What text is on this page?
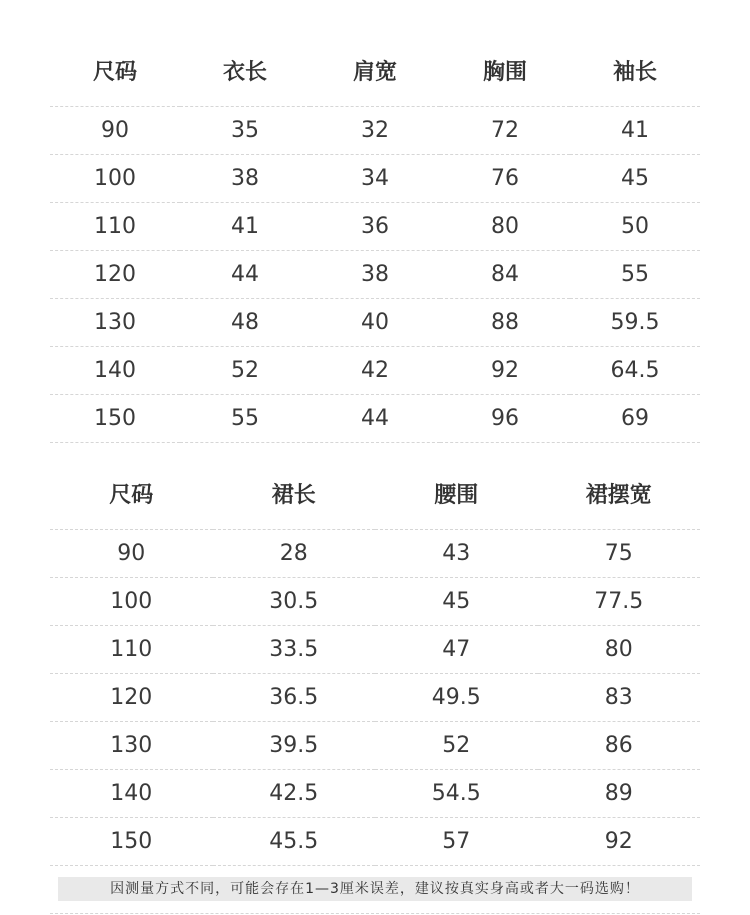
尺码	衣长	肩宽	胸围	袖长
90	35	32	72	41
100	38	34	76	45
110	41	36	80	50
120	44	38	84	55
130	48	40	88	59.5
140	52	42	92	64.5
150	55	44	96	69
尺码	裙长	腰围	裙摆宽
90	28	43	75
100	30.5	45	77.5
110	33.5	47	80
120	36.5	49.5	83
130	39.5	52	86
140	42.5	54.5	89
150	45.5	57	92
因测量方式不同，可能会存在1—3厘米误差，建议按真实身高或者大一码选购！
